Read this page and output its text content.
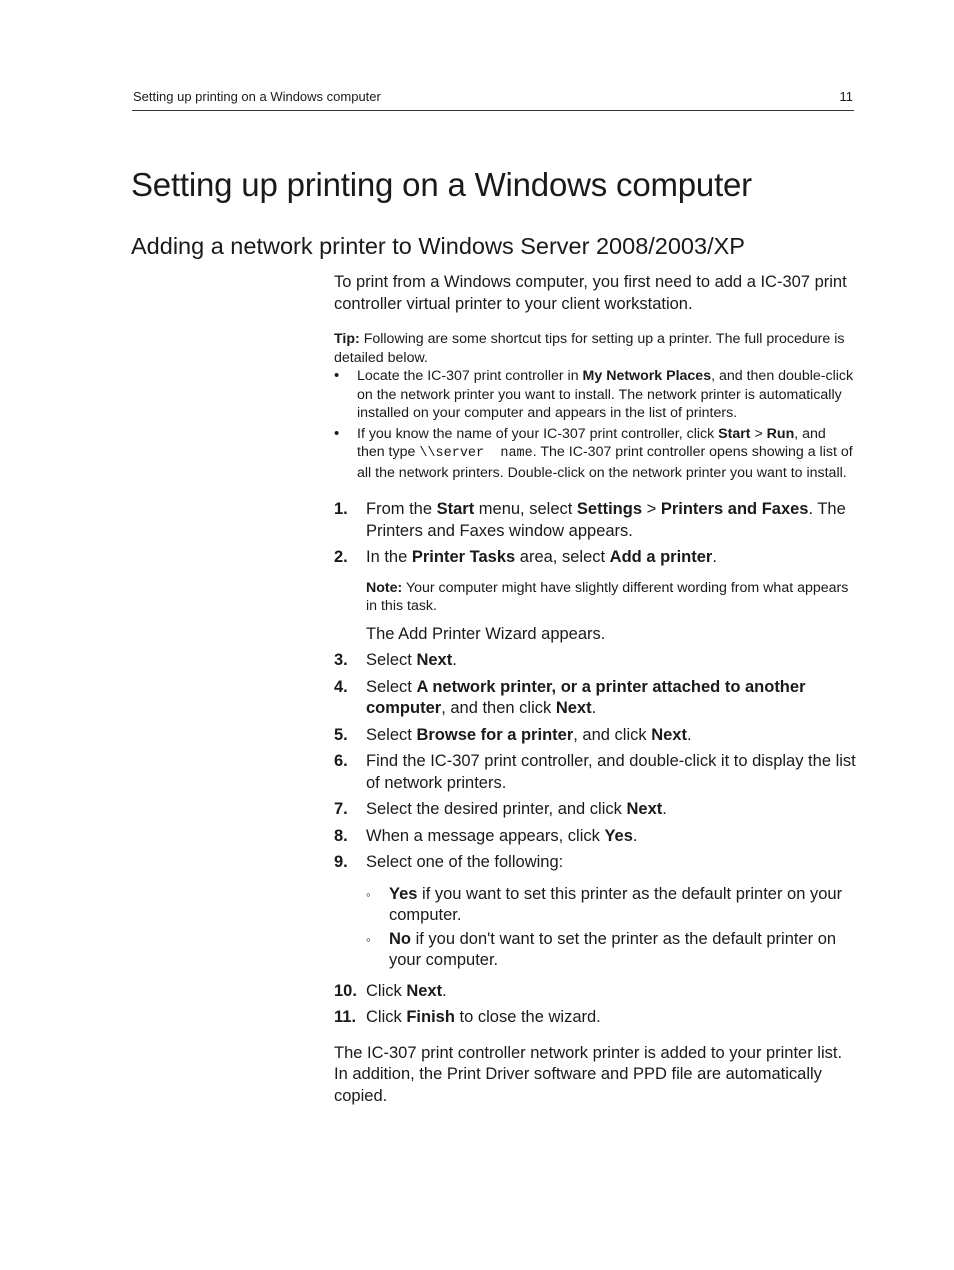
Setting up printing on a Windows computer	11
Setting up printing on a Windows computer
Adding a network printer to Windows Server 2008/2003/XP

To print from a Windows computer, you first need to add a IC-307 print controller virtual printer to your client workstation.

Tip: Following are some shortcut tips for setting up a printer. The full procedure is detailed below.

• Locate the IC-307 print controller in My Network Places, and then double-click on the network printer you want to install. The network printer is automatically installed on your computer and appears in the list of printers.
• If you know the name of your IC-307 print controller, click Start > Run, and then type \\server  name. The IC-307 print controller opens showing a list of all the network printers. Double-click on the network printer you want to install.
1. From the Start menu, select Settings > Printers and Faxes. The Printers and Faxes window appears.
2. In the Printer Tasks area, select Add a printer.

Note: Your computer might have slightly different wording from what appears in this task.

The Add Printer Wizard appears.

3. Select Next.
4. Select A network printer, or a printer attached to another computer, and then click Next.
5. Select Browse for a printer, and click Next.
6. Find the IC-307 print controller, and double-click it to display the list of network printers.
7. Select the desired printer, and click Next.
8. When a message appears, click Yes.
9. Select one of the following:
◦ Yes if you want to set this printer as the default printer on your computer.
◦ No if you don't want to set the printer as the default printer on your computer.
10. Click Next.
11. Click Finish to close the wizard.

The IC-307 print controller network printer is added to your printer list. In addition, the Print Driver software and PPD file are automatically copied.
